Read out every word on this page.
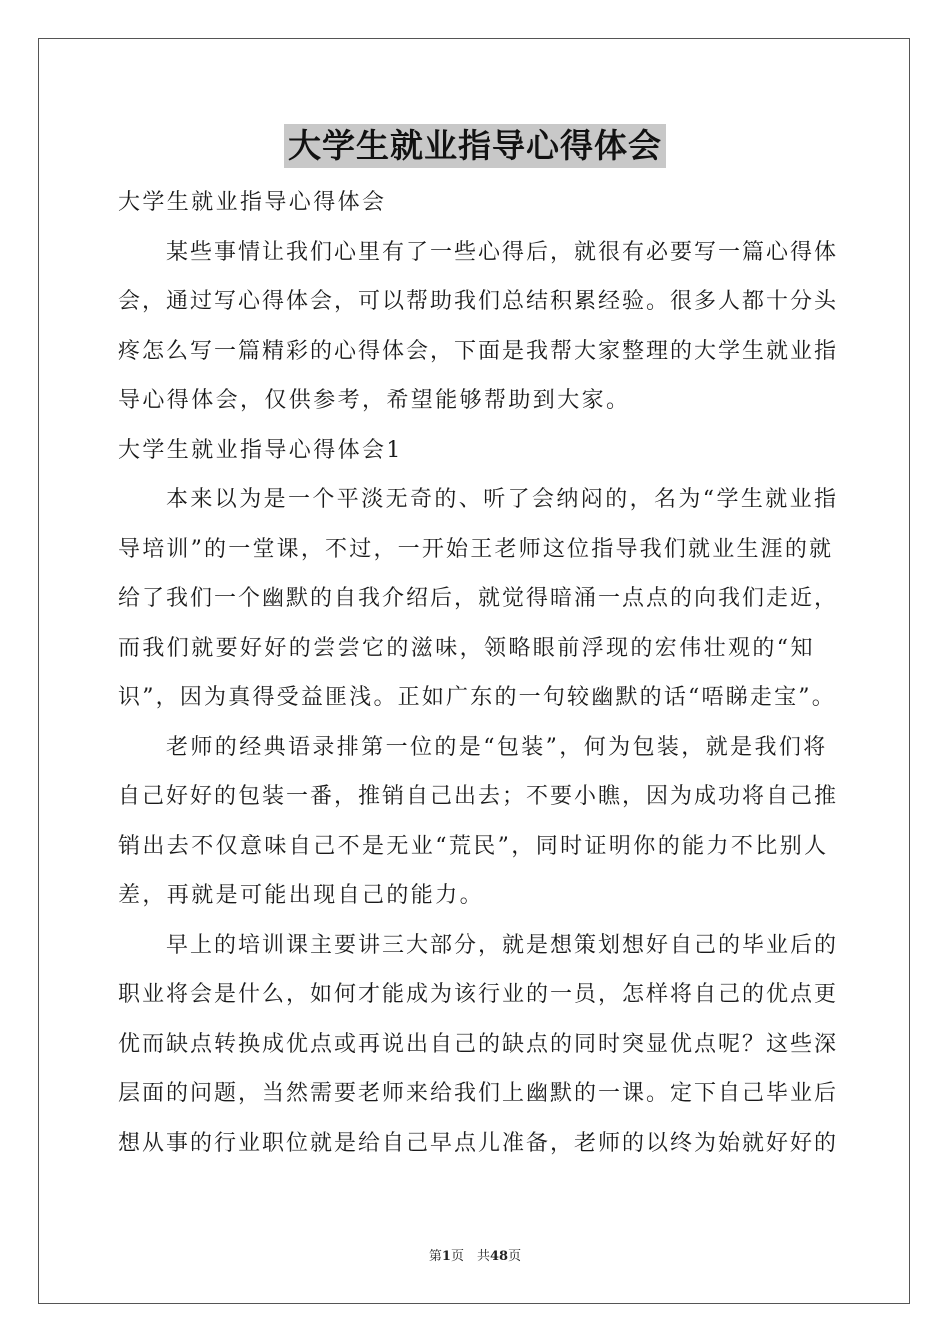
大学生就业指导心得体会
大学生就业指导心得体会
某些事情让我们心里有了一些心得后，就很有必要写一篇心得体
会，通过写心得体会，可以帮助我们总结积累经验。很多人都十分头
疼怎么写一篇精彩的心得体会，下面是我帮大家整理的大学生就业指
导心得体会，仅供参考，希望能够帮助到大家。
大学生就业指导心得体会1
本来以为是一个平淡无奇的、听了会纳闷的，名为“学生就业指
导培训”的一堂课，不过，一开始王老师这位指导我们就业生涯的就
给了我们一个幽默的自我介绍后，就觉得暗涌一点点的向我们走近，
而我们就要好好的尝尝它的滋味，领略眼前浮现的宏伟壮观的“知
识”，因为真得受益匪浅。正如广东的一句较幽默的话“唔睇走宝”。
老师的经典语录排第一位的是“包装”，何为包装，就是我们将
自己好好的包装一番，推销自己出去；不要小瞧，因为成功将自己推
销出去不仅意味自己不是无业“荒民”，同时证明你的能力不比别人
差，再就是可能出现自己的能力。
早上的培训课主要讲三大部分，就是想策划想好自己的毕业后的
职业将会是什么，如何才能成为该行业的一员，怎样将自己的优点更
优而缺点转换成优点或再说出自己的缺点的同时突显优点呢？这些深
层面的问题，当然需要老师来给我们上幽默的一课。定下自己毕业后
想从事的行业职位就是给自己早点儿准备，老师的以终为始就好好的
第1页　共48页
